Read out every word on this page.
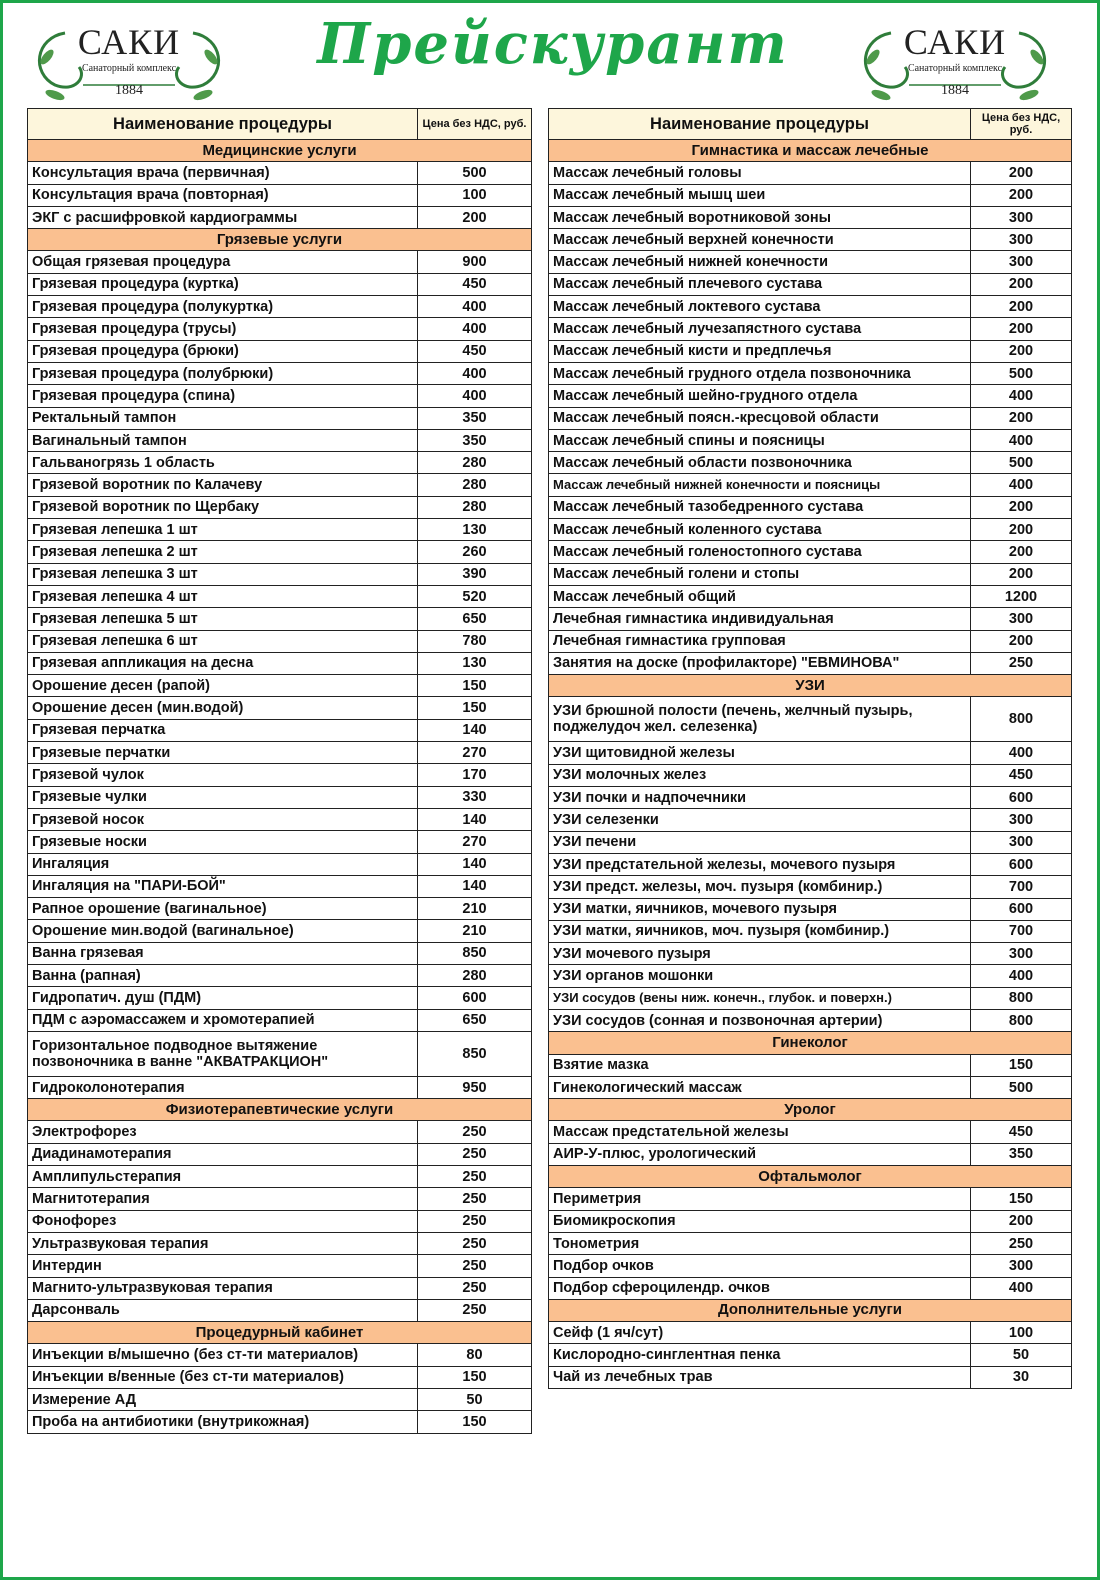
САКИ
Санаторный комплекс
1884
Прейскурант	САКИ
Санаторный комплекс
1884
Наименование процедуры	Цена без НДС, руб.
Медицинские услуги	
Консультация врача (первичная)	500
Консультация врача (повторная)	100
ЭКГ с расшифровкой кардиограммы	200
Грязевые услуги	
Общая грязевая процедура	900
Грязевая процедура (куртка)	450
Грязевая процедура (полукуртка)	400
Грязевая процедура (трусы)	400
Грязевая процедура (брюки)	450
Грязевая процедура (полубрюки)	400
Грязевая процедура (спина)	400
Ректальный тампон	350
Вагинальный тампон	350
Гальваногрязь 1 область	280
Грязевой воротник по Калачеву	280
Грязевой воротник по Щербаку	280
Грязевая лепешка 1 шт	130
Грязевая лепешка 2 шт	260
Грязевая лепешка 3 шт	390
Грязевая лепешка 4 шт	520
Грязевая лепешка 5 шт	650
Грязевая лепешка 6 шт	780
Грязевая аппликация на десна	130
Орошение десен (рапой)	150
Орошение десен (мин.водой)	150
Грязевая перчатка	140
Грязевые перчатки	270
Грязевой чулок	170
Грязевые чулки	330
Грязевой носок	140
Грязевые носки	270
Ингаляция	140
Ингаляция на "ПАРИ-БОЙ"	140
Рапное орошение (вагинальное)	210
Орошение мин.водой (вагинальное)	210
Ванна грязевая	850
Ванна (рапная)	280
Гидропатич. душ (ПДМ)	600
ПДМ с аэромассажем и хромотерапией	650
Горизонтальное подводное вытяжение позвоночника в ванне "АКВАТРАКЦИОН"	850
Гидроколонотерапия	950
Физиотерапевтические услуги	
Электрофорез	250
Диадинамотерапия	250
Амплипульстерапия	250
Магнитотерапия	250
Фонофорез	250
Ультразвуковая терапия	250
Интердин	250
Магнито-ультразвуковая терапия	250
Дарсонваль	250
Процедурный кабинет	
Инъекции в/мышечно (без ст-ти материалов)	80
Инъекции в/венные (без ст-ти материалов)	150
Измерение АД	50
Проба на антибиотики (внутрикожная)	150
Наименование процедуры	Цена без НДС, руб.
Гимнастика и массаж лечебные	
Массаж лечебный головы	200
Массаж лечебный мышц шеи	200
Массаж лечебный воротниковой зоны	300
Массаж лечебный верхней конечности	300
Массаж лечебный нижней конечности	300
Массаж лечебный плечевого сустава	200
Массаж лечебный локтевого сустава	200
Массаж лечебный лучезапястного сустава	200
Массаж лечебный кисти и предплечья	200
Массаж лечебный грудного отдела позвоночника	500
Массаж лечебный шейно-грудного отдела	400
Массаж лечебный поясн.-кресцовой области	200
Массаж лечебный спины и поясницы	400
Массаж лечебный области позвоночника	500
Массаж лечебный нижней конечности и поясницы	400
Массаж лечебный тазобедренного сустава	200
Массаж лечебный коленного сустава	200
Массаж лечебный голеностопного сустава	200
Массаж лечебный голени и стопы	200
Массаж лечебный общий	1200
Лечебная гимнастика индивидуальная	300
Лечебная гимнастика групповая	200
Занятия на доске (профилакторе) "ЕВМИНОВА"	250
УЗИ	
УЗИ брюшной полости (печень, желчный пузырь, поджелудоч жел. селезенка)	800
УЗИ щитовидной железы	400
УЗИ молочных желез	450
УЗИ почки и надпочечники	600
УЗИ селезенки	300
УЗИ печени	300
УЗИ предстательной железы, мочевого пузыря	600
УЗИ предст. железы, моч. пузыря (комбинир.)	700
УЗИ матки, яичников, мочевого пузыря	600
УЗИ матки, яичников, моч. пузыря (комбинир.)	700
УЗИ мочевого пузыря	300
УЗИ органов мошонки	400
УЗИ сосудов (вены ниж. конечн., глубок. и поверхн.)	800
УЗИ сосудов (сонная и позвоночная артерии)	800
Гинеколог	
Взятие мазка	150
Гинекологический массаж	500
Уролог	
Массаж предстательной железы	450
АИР-У-плюс, урологический	350
Офтальмолог	
Периметрия	150
Биомикроскопия	200
Тонометрия	250
Подбор очков	300
Подбор сфероцилендр. очков	400
Дополнительные услуги	
Сейф (1 яч/сут)	100
Кислородно-синглентная пенка	50
Чай из лечебных трав	30
